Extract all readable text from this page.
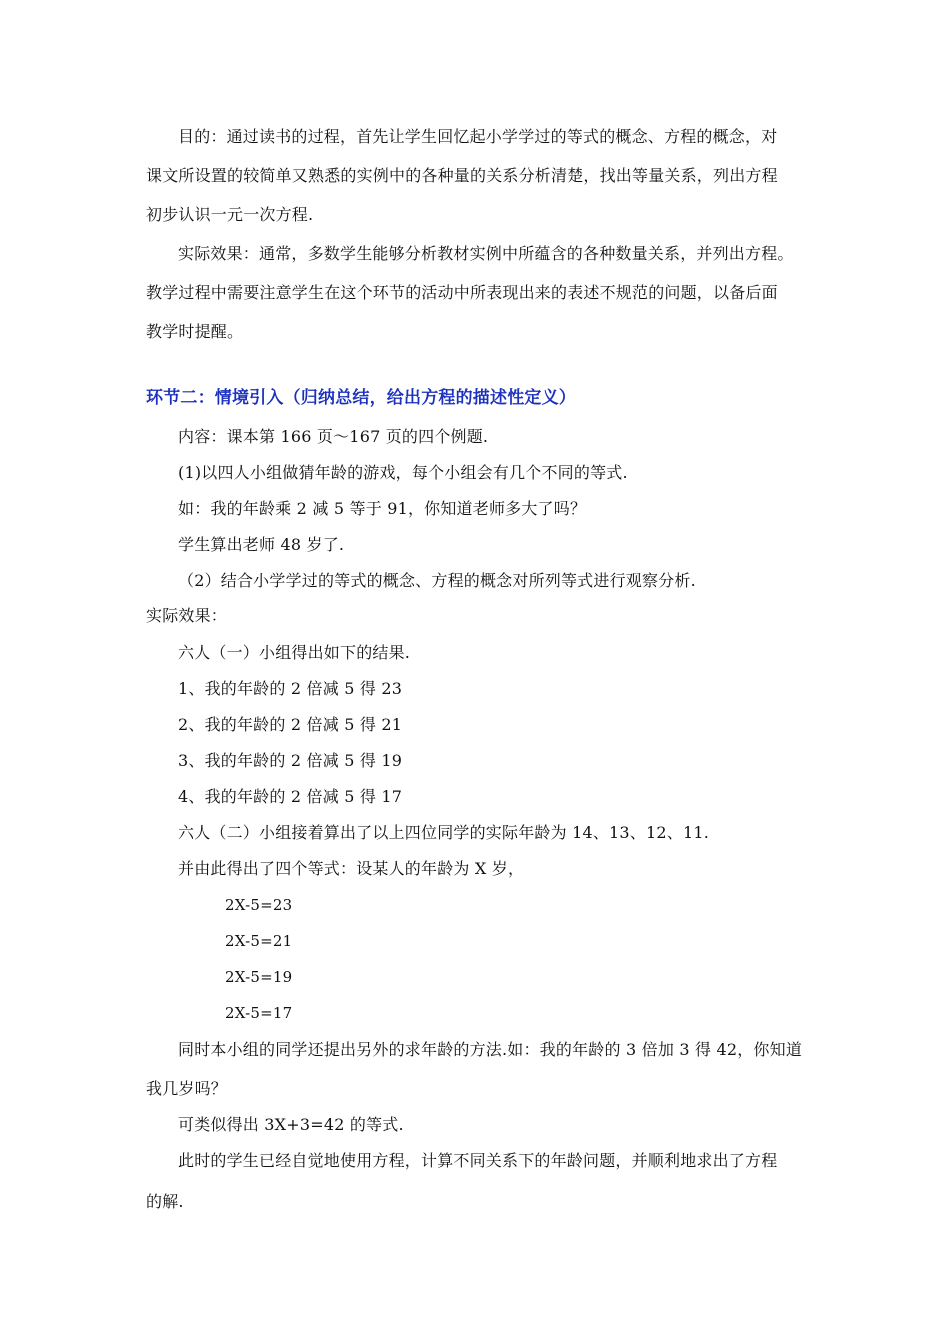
目的：通过读书的过程，首先让学生回忆起小学学过的等式的概念、方程的概念，对
课文所设置的较简单又熟悉的实例中的各种量的关系分析清楚，找出等量关系，列出方程
初步认识一元一次方程.
实际效果：通常，多数学生能够分析教材实例中所蕴含的各种数量关系，并列出方程。
教学过程中需要注意学生在这个环节的活动中所表现出来的表述不规范的问题，以备后面
教学时提醒。
环节二：情境引入（归纳总结，给出方程的描述性定义）
内容：课本第 166 页～167 页的四个例题.
(1)以四人小组做猜年龄的游戏，每个小组会有几个不同的等式.
如：我的年龄乘 2 减 5 等于 91，你知道老师多大了吗？
学生算出老师 48 岁了.
（2）结合小学学过的等式的概念、方程的概念对所列等式进行观察分析.
实际效果：
六人（一）小组得出如下的结果.
1、我的年龄的 2 倍减 5 得 23
2、我的年龄的 2 倍减 5 得 21
3、我的年龄的 2 倍减 5 得 19
4、我的年龄的 2 倍减 5 得 17
六人（二）小组接着算出了以上四位同学的实际年龄为 14、13、12、11.
并由此得出了四个等式：设某人的年龄为 X 岁，
2X-5=23
2X-5=21
2X-5=19
2X-5=17
同时本小组的同学还提出另外的求年龄的方法.如：我的年龄的 3 倍加 3 得 42，你知道
我几岁吗？
可类似得出 3X+3=42 的等式.
此时的学生已经自觉地使用方程，计算不同关系下的年龄问题，并顺利地求出了方程
的解.
